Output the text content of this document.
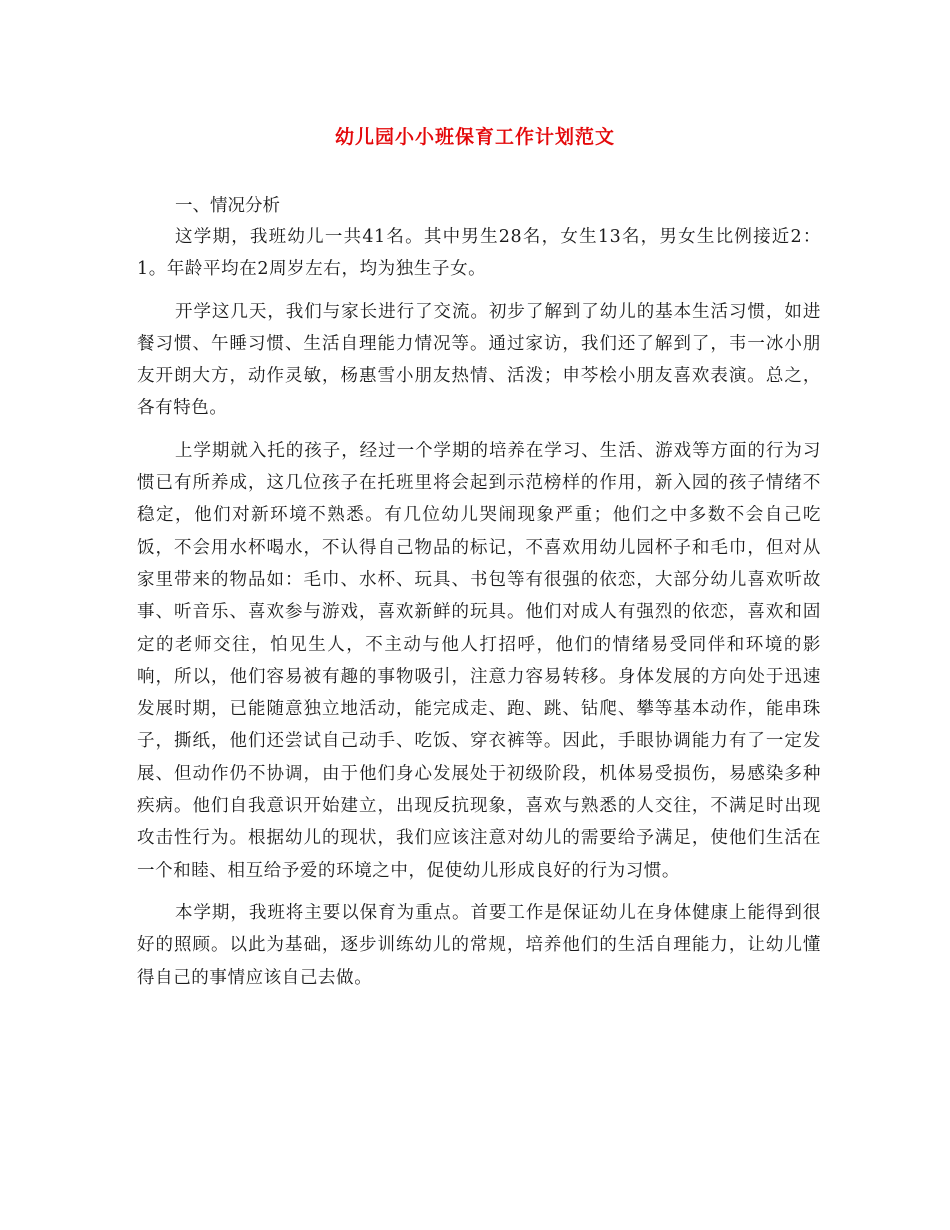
幼儿园小小班保育工作计划范文
一、情况分析

这学期，我班幼儿一共41名。其中男生28名，女生13名，男女生比例接近2：1。年龄平均在2周岁左右，均为独生子女。

开学这几天，我们与家长进行了交流。初步了解到了幼儿的基本生活习惯，如进餐习惯、午睡习惯、生活自理能力情况等。通过家访，我们还了解到了，韦一冰小朋友开朗大方，动作灵敏，杨惠雪小朋友热情、活泼；申芩桧小朋友喜欢表演。总之，各有特色。

上学期就入托的孩子，经过一个学期的培养在学习、生活、游戏等方面的行为习惯已有所养成，这几位孩子在托班里将会起到示范榜样的作用，新入园的孩子情绪不稳定，他们对新环境不熟悉。有几位幼儿哭闹现象严重；他们之中多数不会自己吃饭，不会用水杯喝水，不认得自己物品的标记，不喜欢用幼儿园杯子和毛巾，但对从家里带来的物品如：毛巾、水杯、玩具、书包等有很强的依恋，大部分幼儿喜欢听故事、听音乐、喜欢参与游戏，喜欢新鲜的玩具。他们对成人有强烈的依恋，喜欢和固定的老师交往，怕见生人，不主动与他人打招呼，他们的情绪易受同伴和环境的影响，所以，他们容易被有趣的事物吸引，注意力容易转移。身体发展的方向处于迅速发展时期，已能随意独立地活动，能完成走、跑、跳、钻爬、攀等基本动作，能串珠子，撕纸，他们还尝试自己动手、吃饭、穿衣裤等。因此，手眼协调能力有了一定发展、但动作仍不协调，由于他们身心发展处于初级阶段，机体易受损伤，易感染多种疾病。他们自我意识开始建立，出现反抗现象，喜欢与熟悉的人交往，不满足时出现攻击性行为。根据幼儿的现状，我们应该注意对幼儿的需要给予满足，使他们生活在一个和睦、相互给予爱的环境之中，促使幼儿形成良好的行为习惯。

本学期，我班将主要以保育为重点。首要工作是保证幼儿在身体健康上能得到很好的照顾。以此为基础，逐步训练幼儿的常规，培养他们的生活自理能力，让幼儿懂得自己的事情应该自己去做。
